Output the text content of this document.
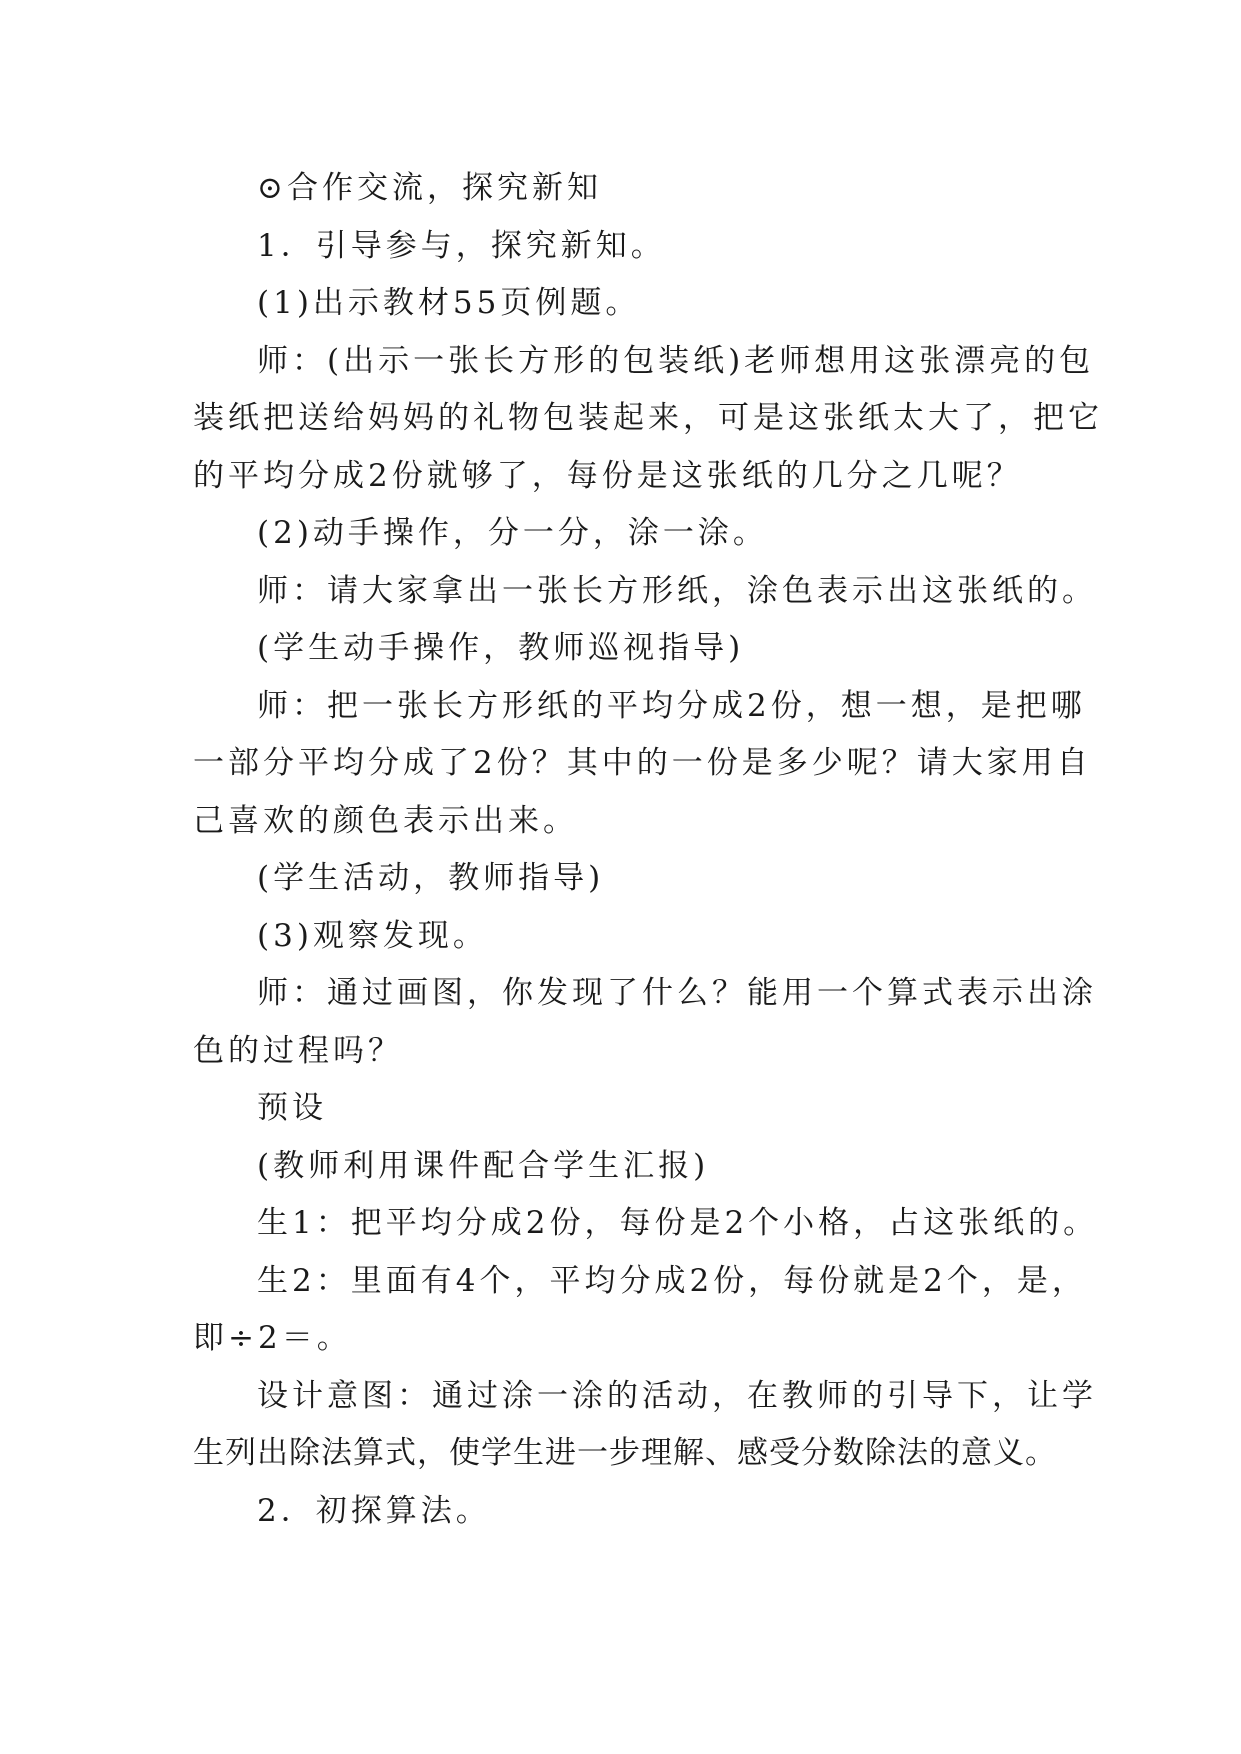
⊙合作交流，探究新知

1．引导参与，探究新知。

(1)出示教材55页例题。

师：(出示一张长方形的包装纸)老师想用这张漂亮的包

装纸把送给妈妈的礼物包装起来，可是这张纸太大了，把它

的平均分成2份就够了，每份是这张纸的几分之几呢？

(2)动手操作，分一分，涂一涂。

师：请大家拿出一张长方形纸，涂色表示出这张纸的。

(学生动手操作，教师巡视指导)

师：把一张长方形纸的平均分成2份，想一想，是把哪

一部分平均分成了2份？其中的一份是多少呢？请大家用自

己喜欢的颜色表示出来。

(学生活动，教师指导)

(3)观察发现。

师：通过画图，你发现了什么？能用一个算式表示出涂

色的过程吗？

预设

(教师利用课件配合学生汇报)

生1：把平均分成2份，每份是2个小格，占这张纸的。

生2：里面有4个，平均分成2份，每份就是2个，是，

即÷2＝。

设计意图：通过涂一涂的活动，在教师的引导下，让学

生列出除法算式，使学生进一步理解、感受分数除法的意义。

2．初探算法。
